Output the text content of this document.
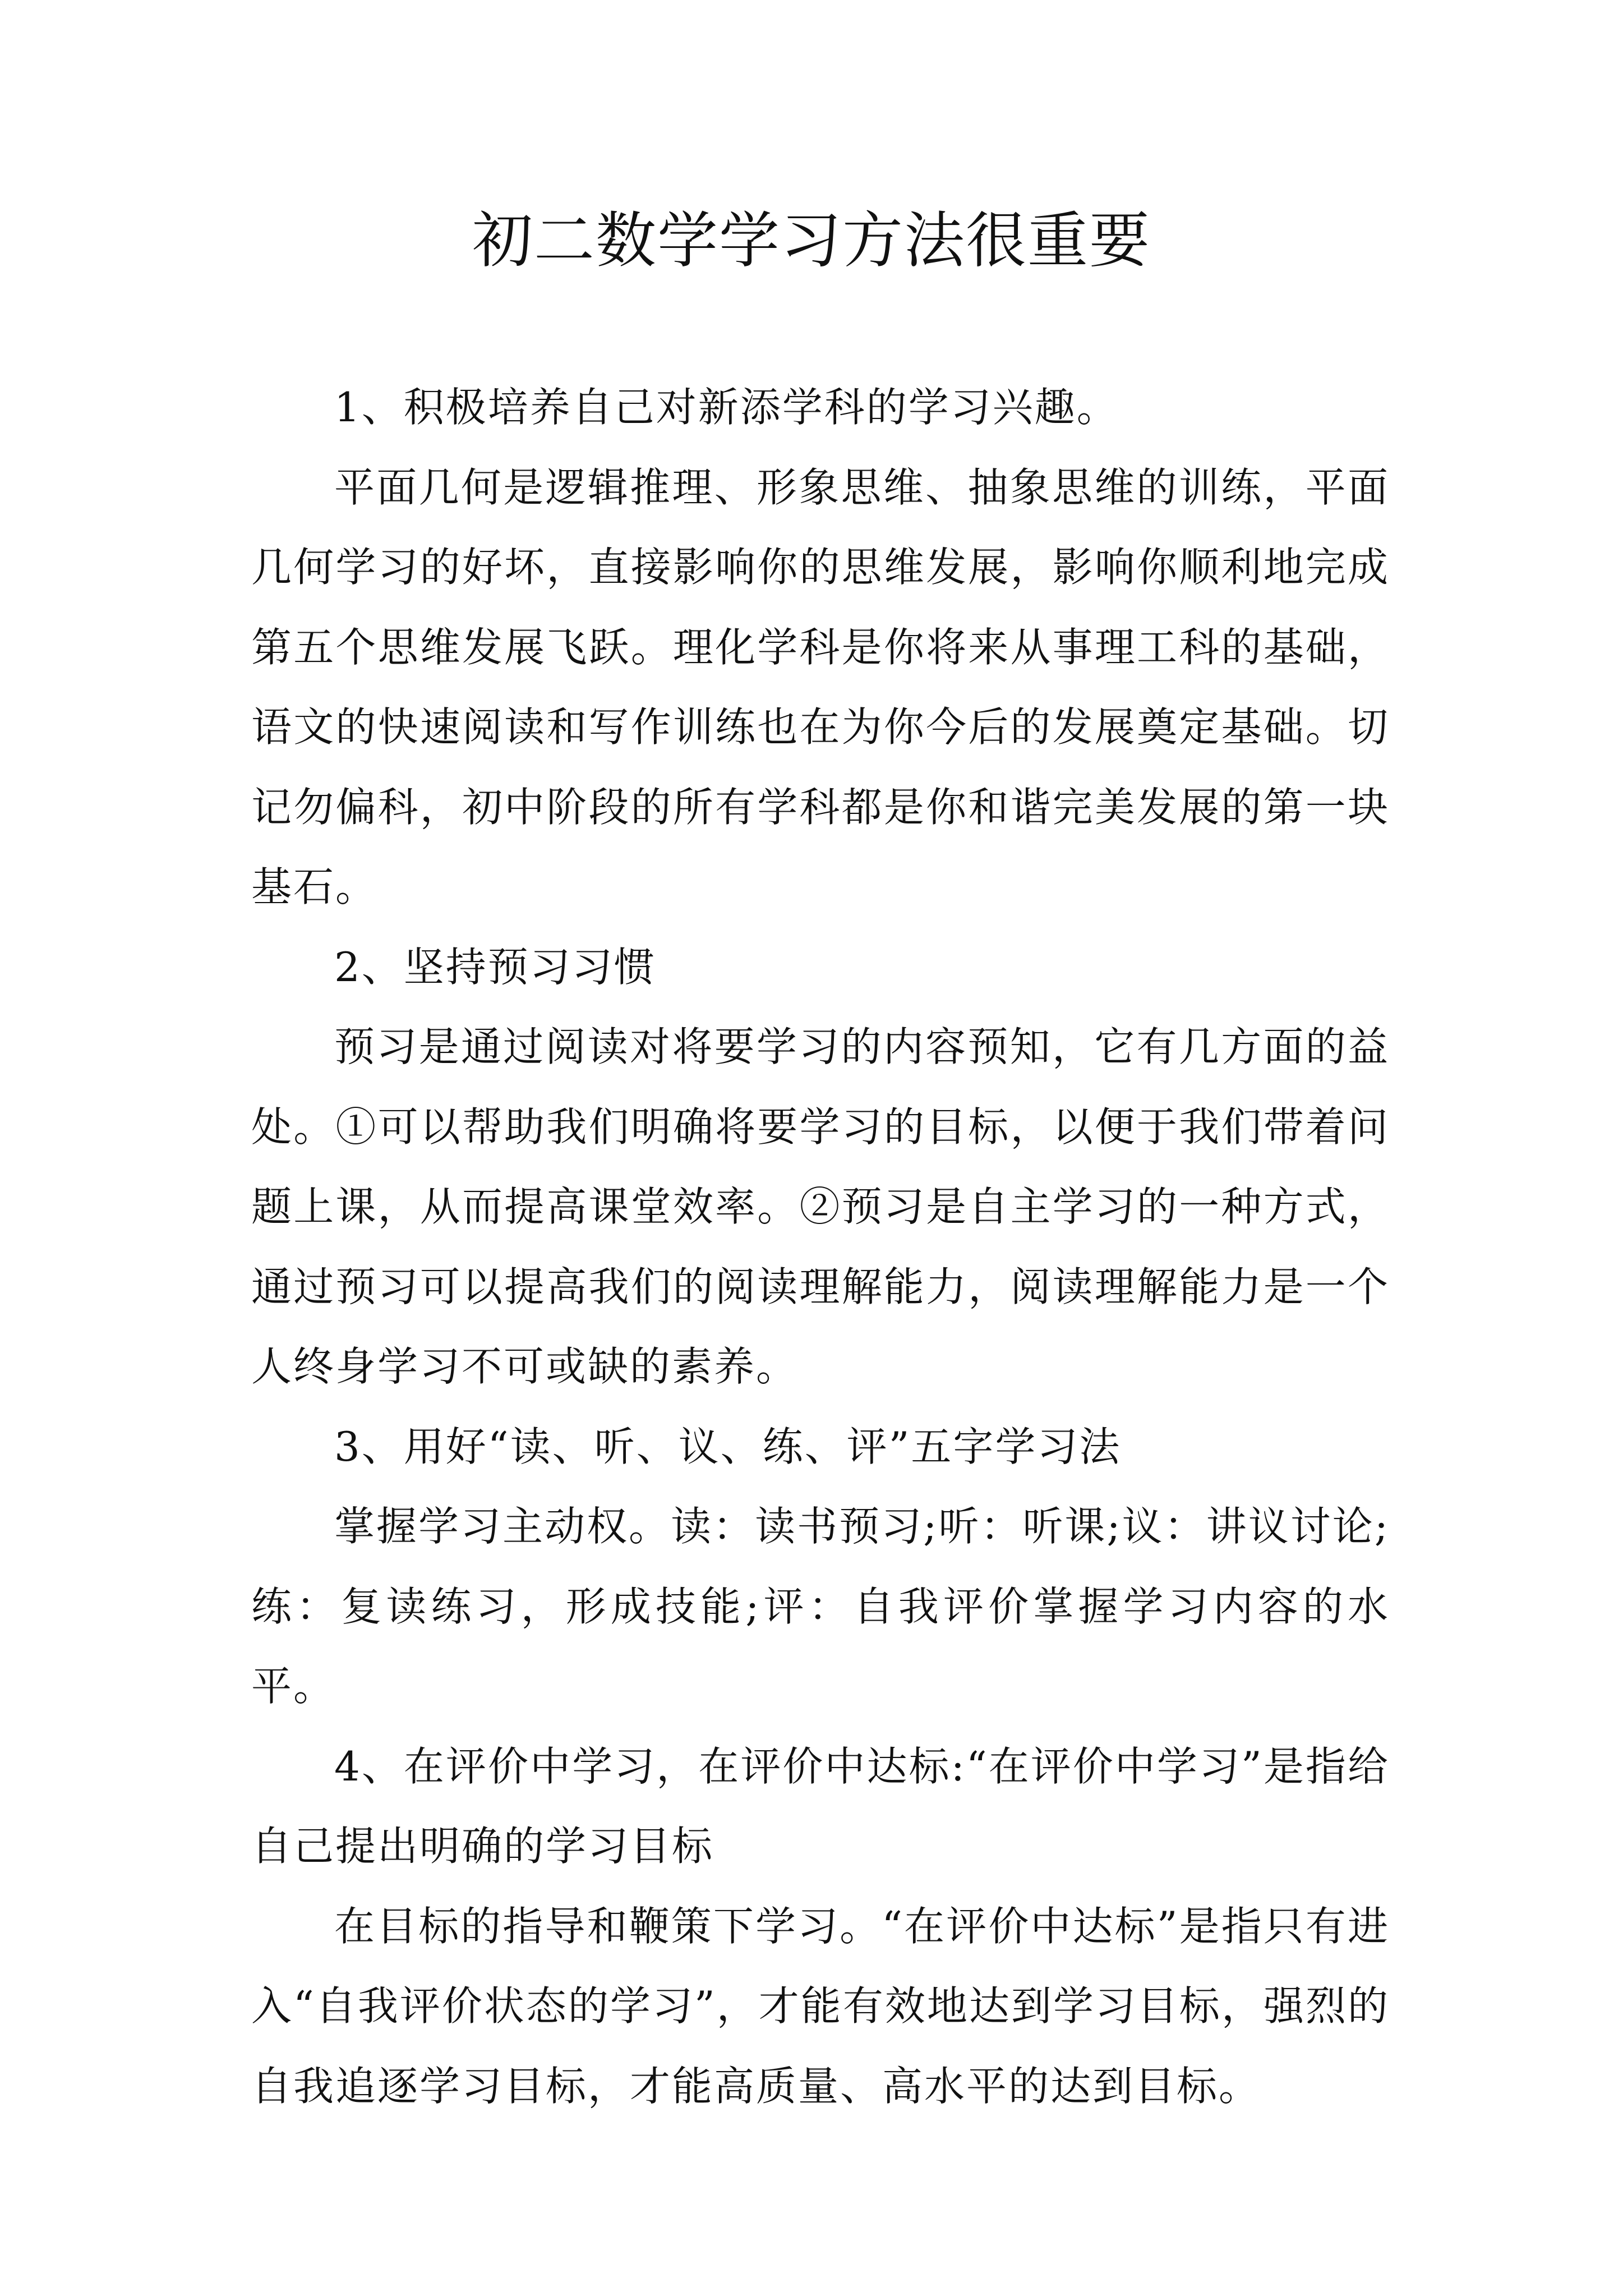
初二数学学习方法很重要

1、积极培养自己对新添学科的学习兴趣。

平面几何是逻辑推理、形象思维、抽象思维的训练，平面几何学习的好坏，直接影响你的思维发展，影响你顺利地完成第五个思维发展飞跃。理化学科是你将来从事理工科的基础，语文的快速阅读和写作训练也在为你今后的发展奠定基础。切记勿偏科，初中阶段的所有学科都是你和谐完美发展的第一块基石。

2、坚持预习习惯

预习是通过阅读对将要学习的内容预知，它有几方面的益处。①可以帮助我们明确将要学习的目标，以便于我们带着问题上课，从而提高课堂效率。②预习是自主学习的一种方式，通过预习可以提高我们的阅读理解能力，阅读理解能力是一个人终身学习不可或缺的素养。

3、用好“读、听、议、练、评”五字学习法

掌握学习主动权。读：读书预习;听：听课;议：讲议讨论;练：复读练习，形成技能;评：自我评价掌握学习内容的水平。

4、在评价中学习，在评价中达标:“在评价中学习”是指给自己提出明确的学习目标

在目标的指导和鞭策下学习。“在评价中达标”是指只有进入“自我评价状态的学习”，才能有效地达到学习目标，强烈的自我追逐学习目标，才能高质量、高水平的达到目标。
